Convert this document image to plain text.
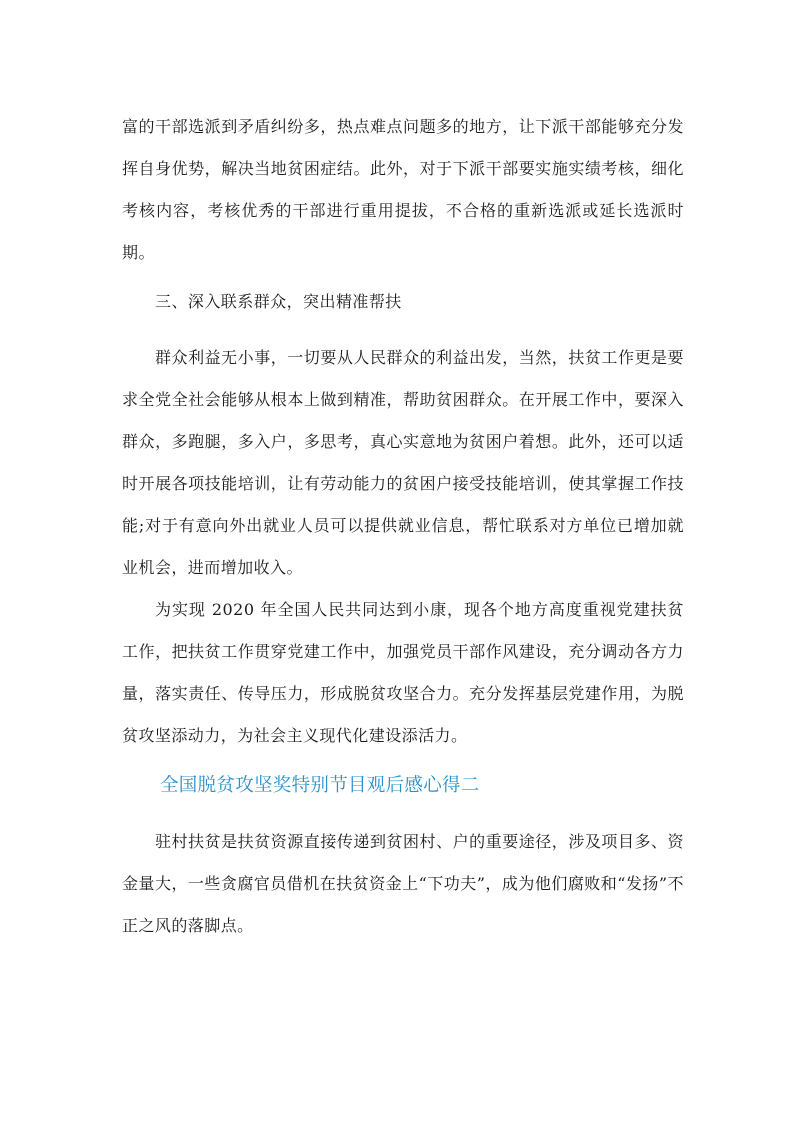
富的干部选派到矛盾纠纷多，热点难点问题多的地方，让下派干部能够充分发挥自身优势，解决当地贫困症结。此外，对于下派干部要实施实绩考核，细化考核内容，考核优秀的干部进行重用提拔，不合格的重新选派或延长选派时期。
三、深入联系群众，突出精准帮扶
群众利益无小事，一切要从人民群众的利益出发，当然，扶贫工作更是要求全党全社会能够从根本上做到精准，帮助贫困群众。在开展工作中，要深入群众，多跑腿，多入户，多思考，真心实意地为贫困户着想。此外，还可以适时开展各项技能培训，让有劳动能力的贫困户接受技能培训，使其掌握工作技能;对于有意向外出就业人员可以提供就业信息，帮忙联系对方单位已增加就业机会，进而增加收入。
为实现 2020 年全国人民共同达到小康，现各个地方高度重视党建扶贫工作，把扶贫工作贯穿党建工作中，加强党员干部作风建设，充分调动各方力量，落实责任、传导压力，形成脱贫攻坚合力。充分发挥基层党建作用，为脱贫攻坚添动力，为社会主义现代化建设添活力。
全国脱贫攻坚奖特别节目观后感心得二
驻村扶贫是扶贫资源直接传递到贫困村、户的重要途径，涉及项目多、资金量大，一些贪腐官员借机在扶贫资金上“下功夫”，成为他们腐败和“发扬”不正之风的落脚点。
